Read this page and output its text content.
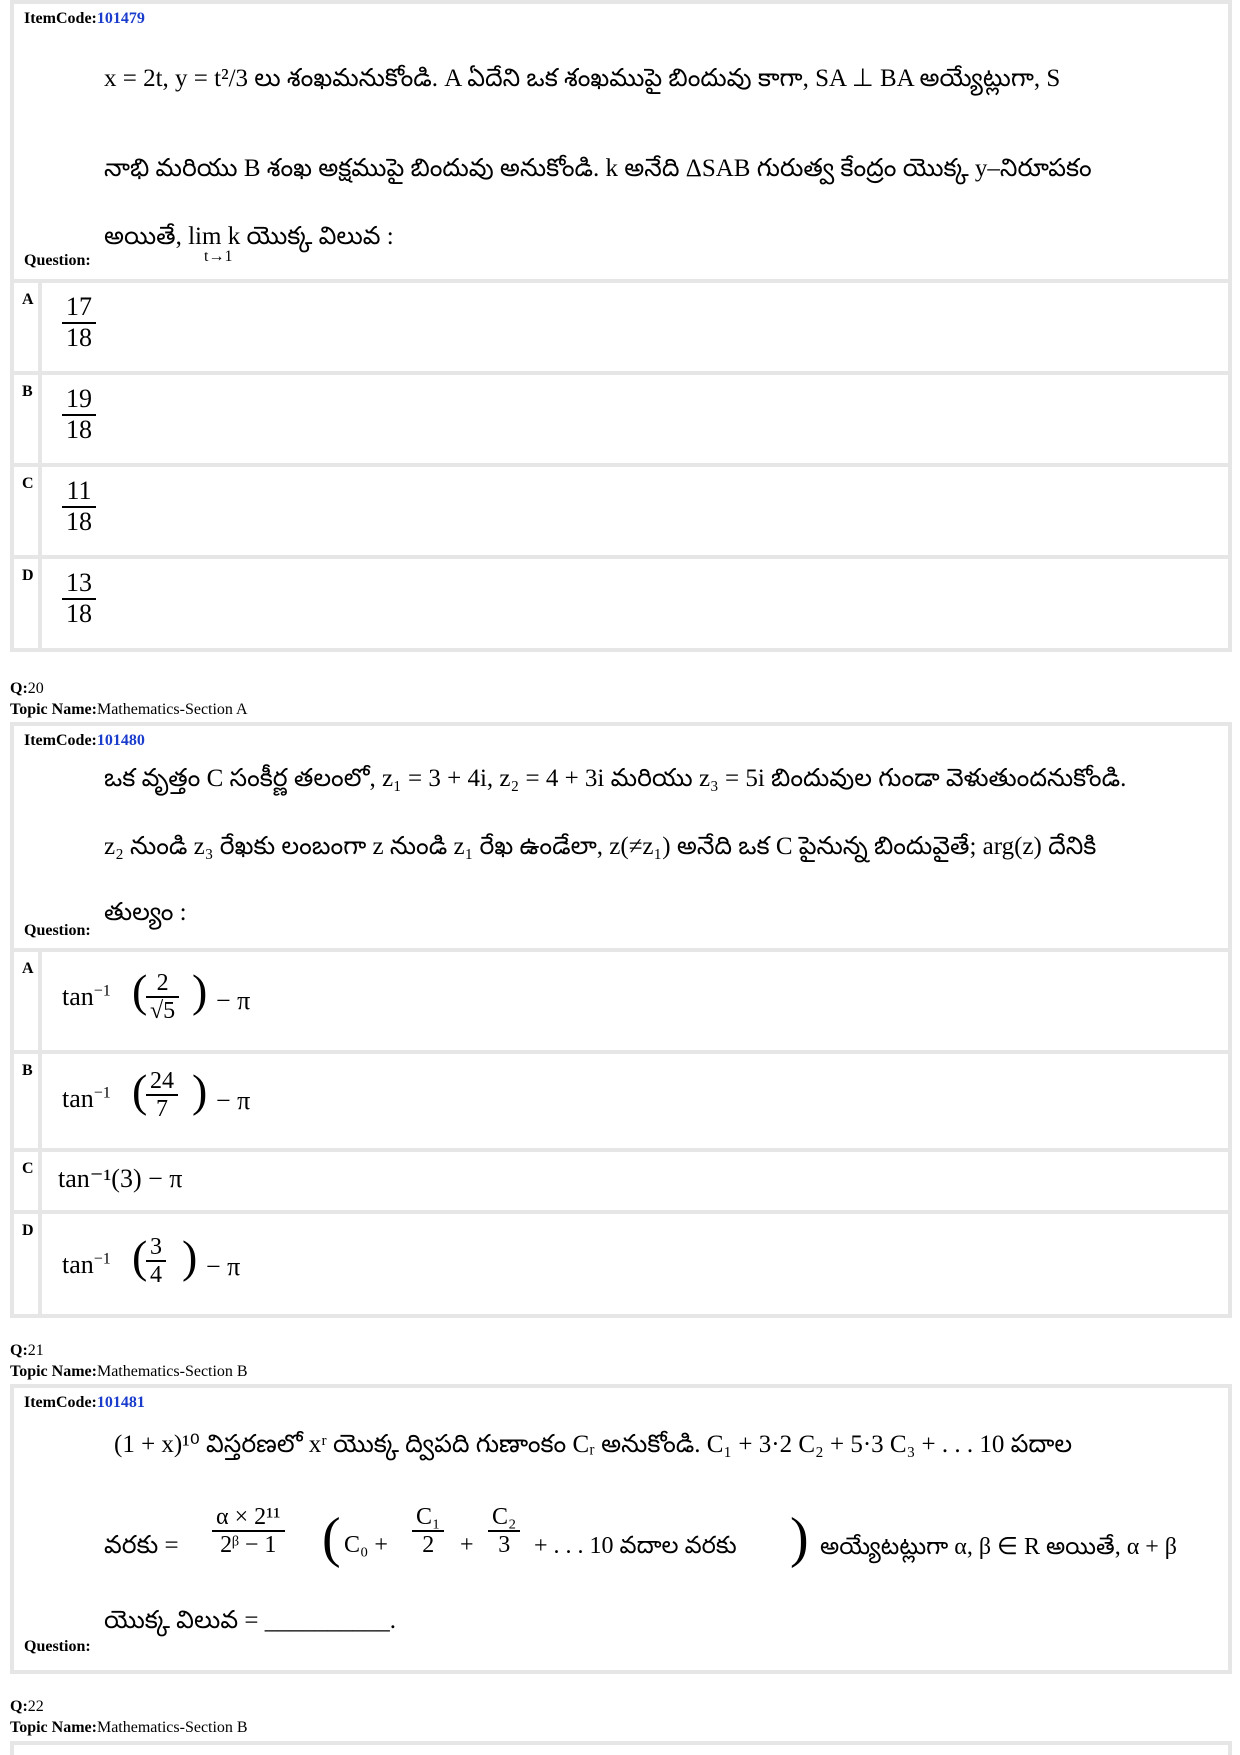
ItemCode:101479
x = 2t, y = t²/3 లు శంఖమనుకోండి. A ఏదేని ఒక శంఖముపై బిందువు కాగా, SA ⊥ BA అయ్యేట్లుగా, S
నాభి మరియు B శంఖ అక్షముపై బిందువు అనుకోండి. k అనేది ΔSAB గురుత్వ కేంద్రం యొక్క y–నిరూపకం
అయితే, lim k యొక్క విలువ :
t→1
Question:
A	17
18
B	19
18
C	11
18
D	13
18
Q:20
Topic Name:Mathematics-Section A
ItemCode:101480
ఒక వృత్తం C సంకీర్ణ తలంలో, z₁ = 3 + 4i, z₂ = 4 + 3i మరియు z₃ = 5i బిందువుల గుండా వెళుతుందనుకోండి.
z₂ నుండి z₃ రేఖకు లంబంగా z నుండి z₁ రేఖ ఉండేలా, z(≠z₁) అనేది ఒక C పైనున్న బిందువైతే; arg(z) దేనికి
తుల్యం :
Question:
A
$\tan^{-1}$ ( 2
√5 ) − π
B
$\tan^{-1}$ ( 24
7 ) − π
C tan⁻¹(3) − π
D
$\tan^{-1}$ ( 3
4 ) − π
Q:21
Topic Name:Mathematics-Section B
ItemCode:101481
(1 + x)¹⁰ విస్తరణలో xʳ యొక్క ద్విపది గుణాంకం Cᵣ అనుకోండి. C₁ + 3·2 C₂ + 5·3 C₃ + . . . 10 పదాల
వరకు =
α × 2¹¹
2ᵝ − 1 ( C₀ +
C₁
2 +
C₂
3 + . . . 10 వదాల వరకు ) అయ్యేటట్లుగా α, β ∈ R అయితే, α + β
యొక్క విలువ = __________.
Question:
Q:22
Topic Name:Mathematics-Section B
